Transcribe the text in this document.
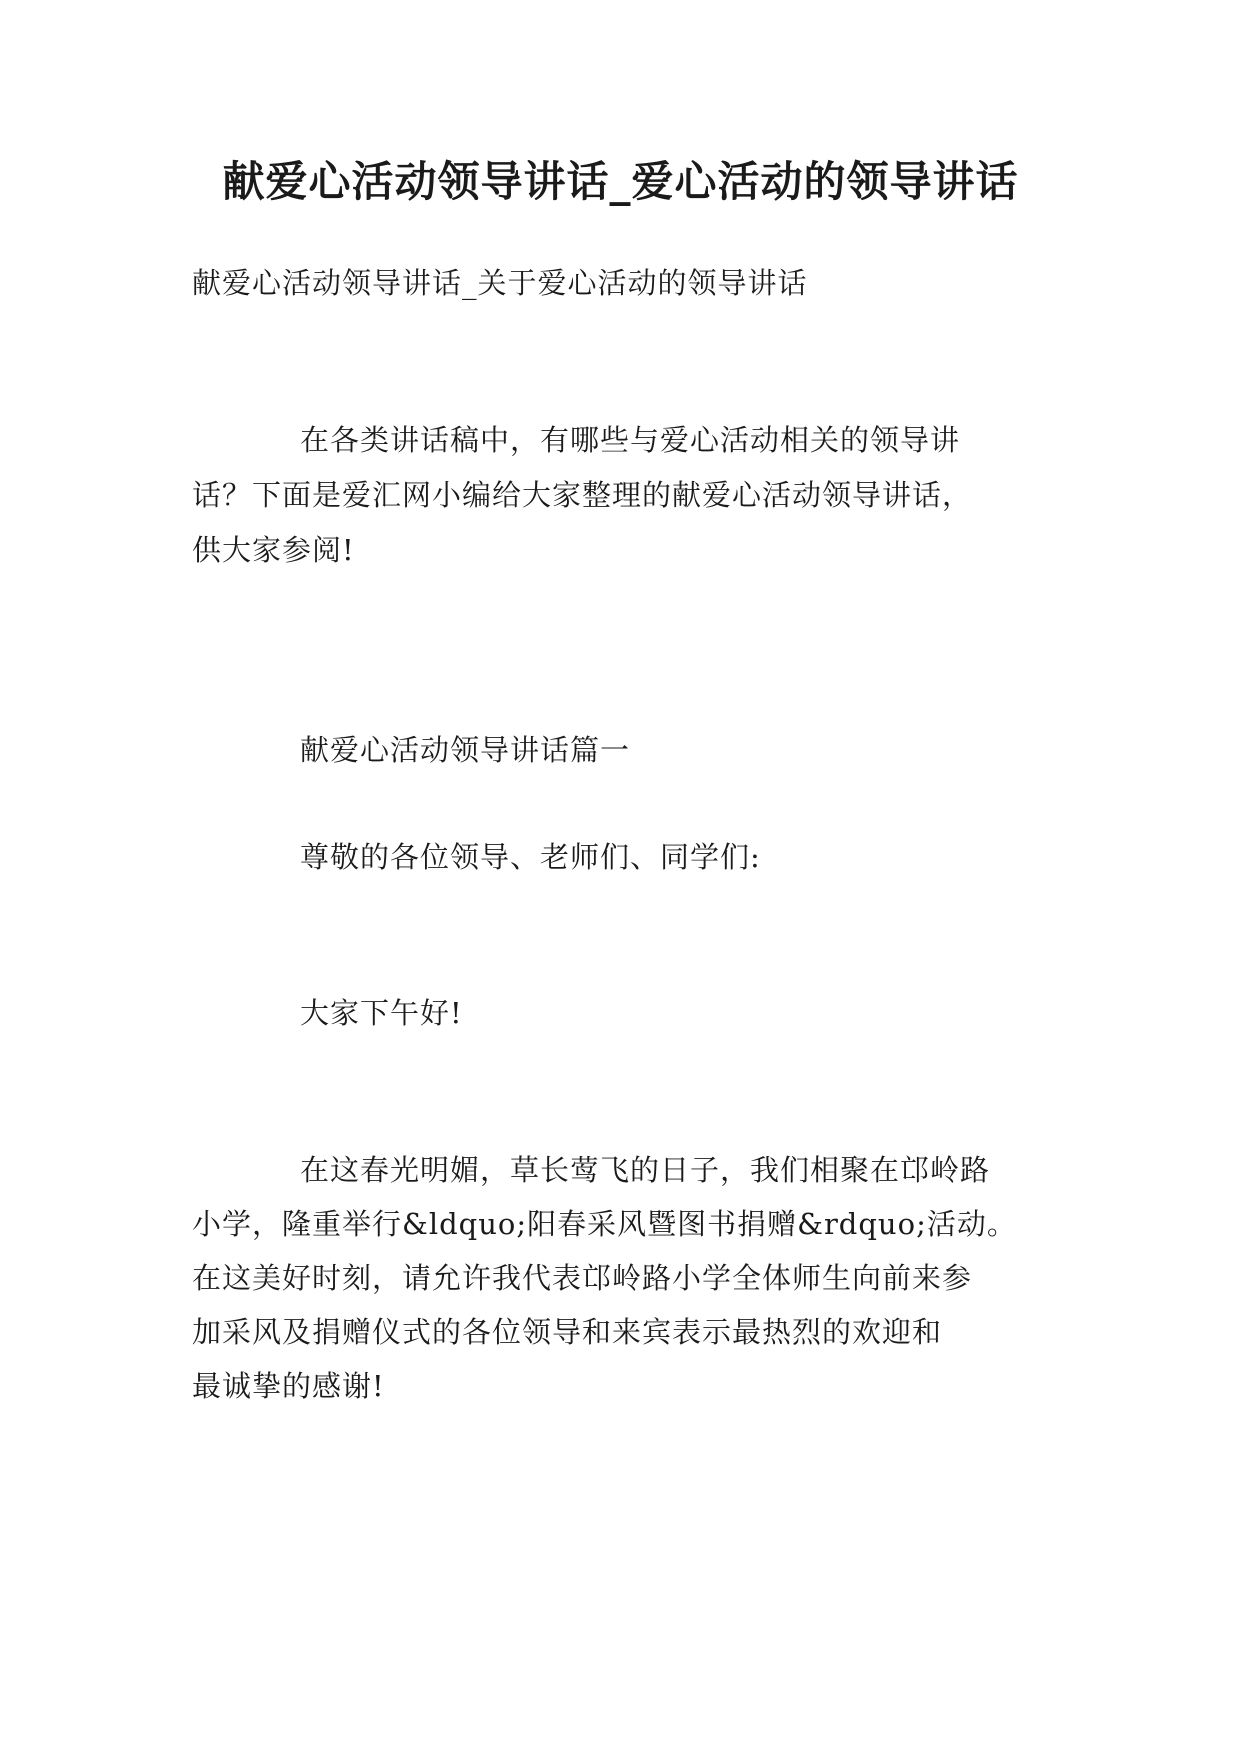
献爱心活动领导讲话_爱心活动的领导讲话

献爱心活动领导讲话_关于爱心活动的领导讲话

在各类讲话稿中，有哪些与爱心活动相关的领导讲

话？下面是爱汇网小编给大家整理的献爱心活动领导讲话，

供大家参阅!

献爱心活动领导讲话篇一

尊敬的各位领导、老师们、同学们:

大家下午好!

在这春光明媚，草长莺飞的日子，我们相聚在邙岭路

小学，隆重举行&ldquo;阳春采风暨图书捐赠&rdquo;活动。

在这美好时刻，请允许我代表邙岭路小学全体师生向前来参

加采风及捐赠仪式的各位领导和来宾表示最热烈的欢迎和

最诚挚的感谢!
